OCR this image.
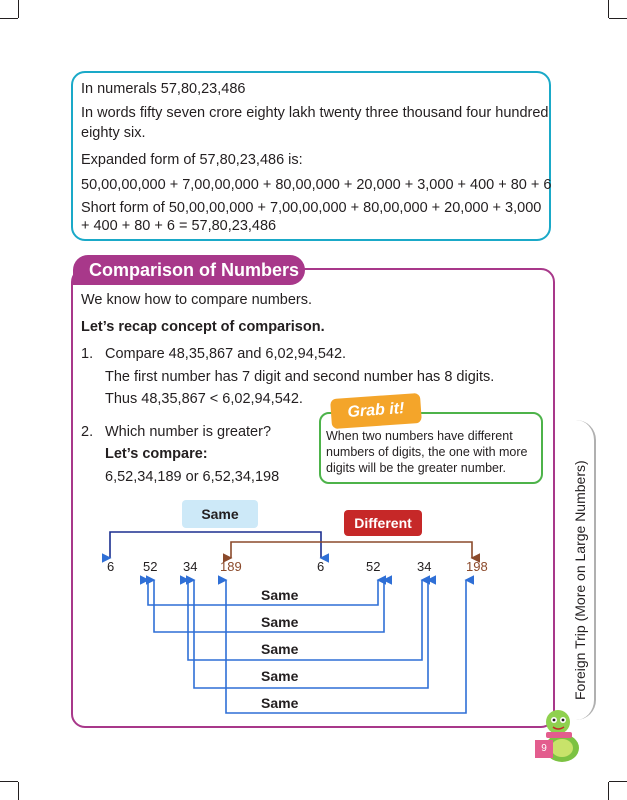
In numerals 57,80,23,486
In words fifty seven crore eighty lakh twenty three thousand four hundred eighty six.
Expanded form of 57,80,23,486 is:
50,00,00,000 + 7,00,00,000 + 80,00,000 + 20,000 + 3,000 + 400 + 80 + 6
Short form of 50,00,00,000 + 7,00,00,000 + 80,00,000 + 20,000 + 3,000
+ 400 + 80 + 6 = 57,80,23,486
Comparison of Numbers
We know how to compare numbers.
Let’s recap concept of comparison.
1. Compare 48,35,867 and 6,02,94,542.
The first number has 7 digit and second number has 8 digits.
Thus 48,35,867 < 6,02,94,542.
2. Which number is greater?
Let’s compare:
6,52,34,189 or 6,52,34,198
Grab it!
When two numbers have different numbers of digits, the one with more digits will be the greater number.
Same
Different
6 52 34 189	6	52	34	198
Same
Same
Same
Same
Same
Foreign Trip (More on Large Numbers)
9
